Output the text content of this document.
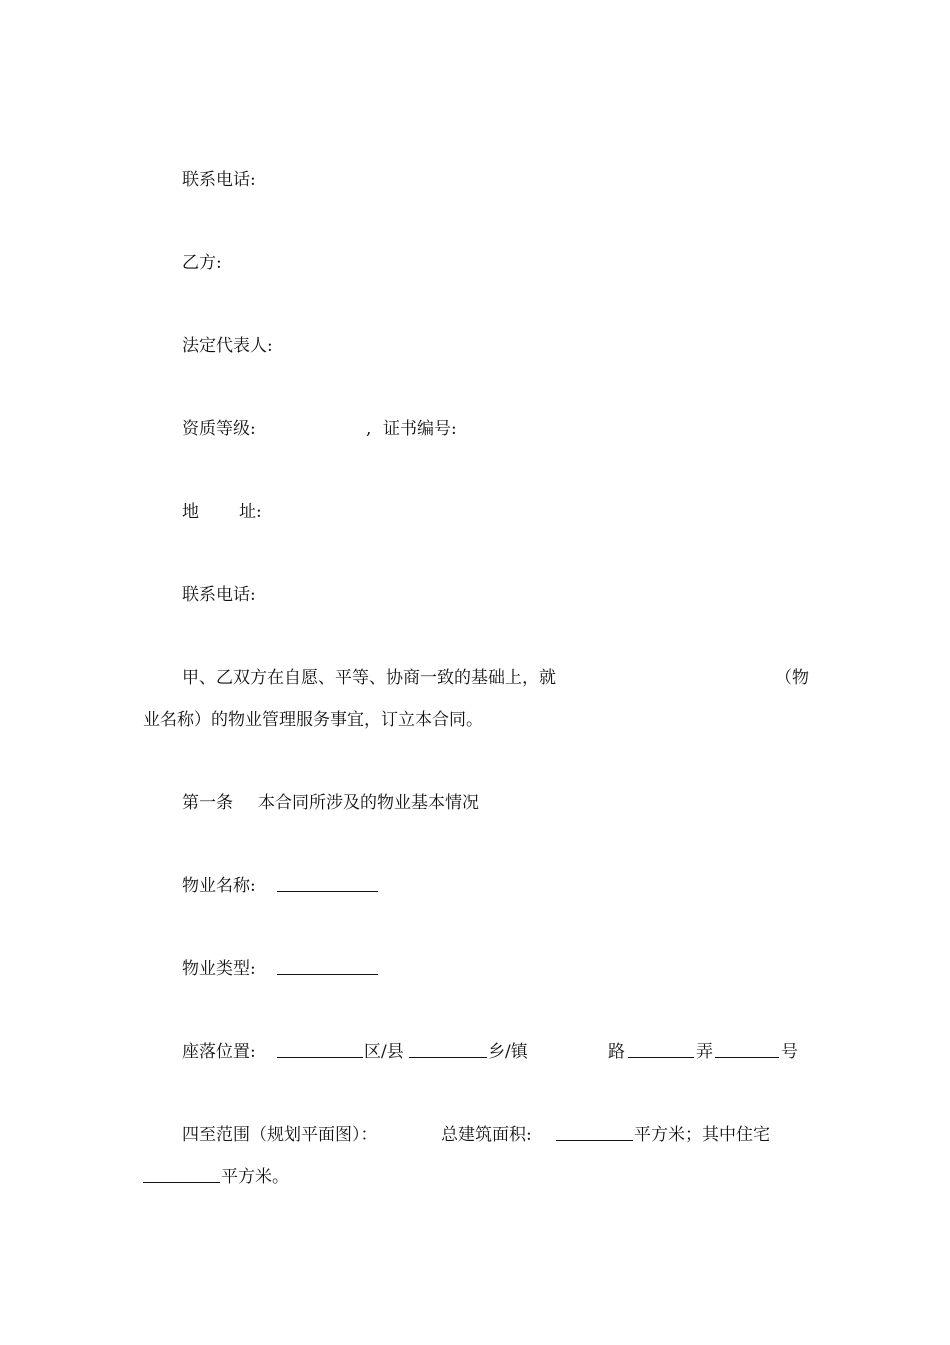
联系电话:
乙方:
法定代表人:
资质等级:	, 证书编号:
地 址:
联系电话:
甲、乙双方在自愿、平等、协商一致的基础上，就	（物
业名称）的物业管理服务事宜，订立本合同。
第一条 本合同所涉及的物业基本情况
物业名称:
物业类型:
座落位置:	区/县	乡/镇	路	弄	号
四至范围（规划平面图）：	总建筑面积:	平方米；其中住宅
平方米。
